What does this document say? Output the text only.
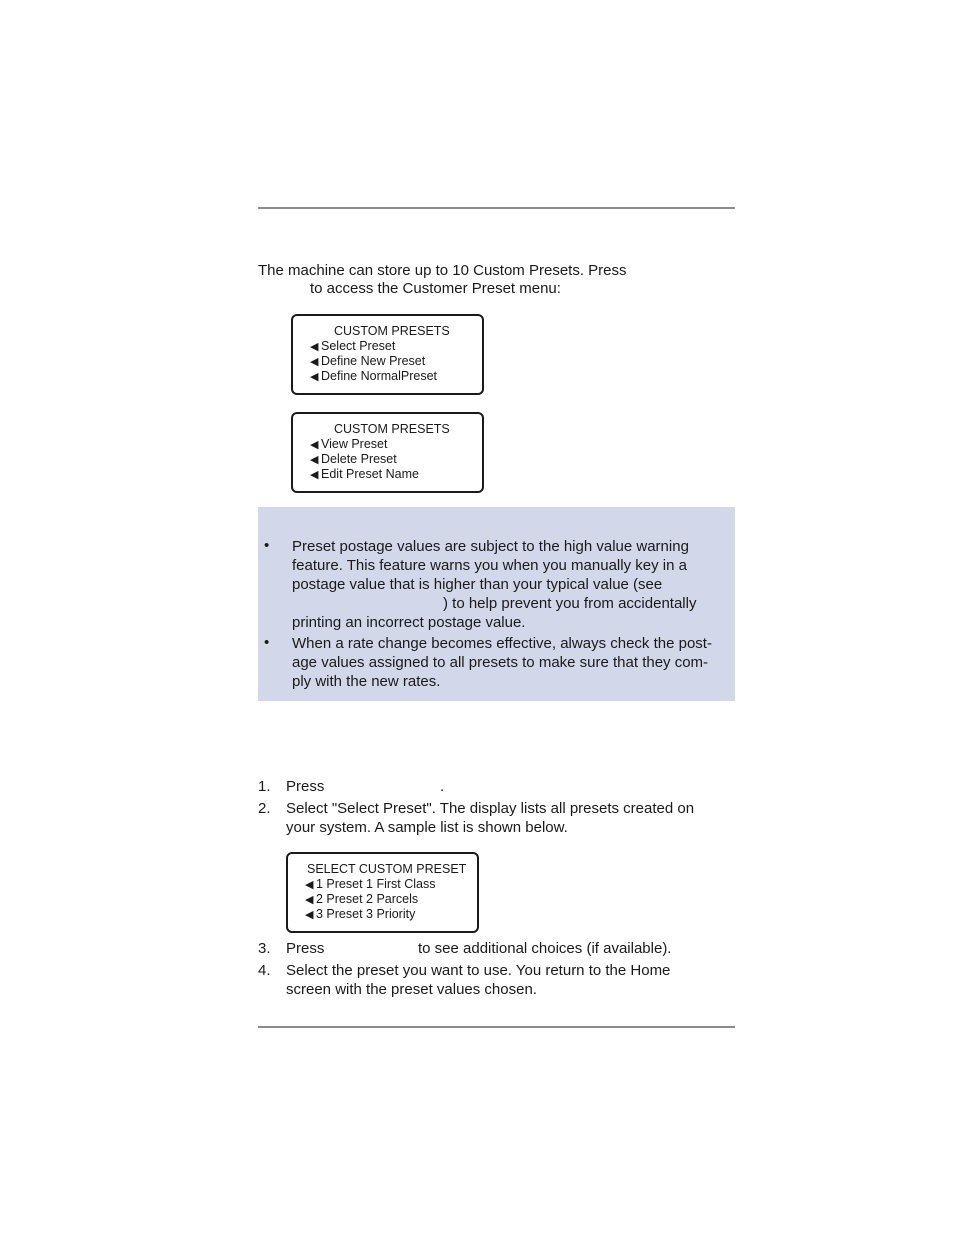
The machine can store up to 10 Custom Presets. Press
to access the Customer Preset menu:
CUSTOM PRESETS
◀ Select Preset
◀ Define New Preset
◀ Define NormalPreset
CUSTOM PRESETS
◀ View Preset
◀ Delete Preset
◀ Edit Preset Name
• Preset postage values are subject to the high value warning
feature. This feature warns you when you manually key in a
postage value that is higher than your typical value (see
) to help prevent you from accidentally
printing an incorrect postage value.
• When a rate change becomes effective, always check the post-
age values assigned to all presets to make sure that they com-
ply with the new rates.
1.	Press	.
2.	Select "Select Preset". The display lists all presets created on
your system. A sample list is shown below.
SELECT CUSTOM PRESET
◀ 1 Preset 1 First Class
◀ 2 Preset 2 Parcels
◀ 3 Preset 3 Priority
3.	Press	to see additional choices (if available).
4.	Select the preset you want to use. You return to the Home
screen with the preset values chosen.
